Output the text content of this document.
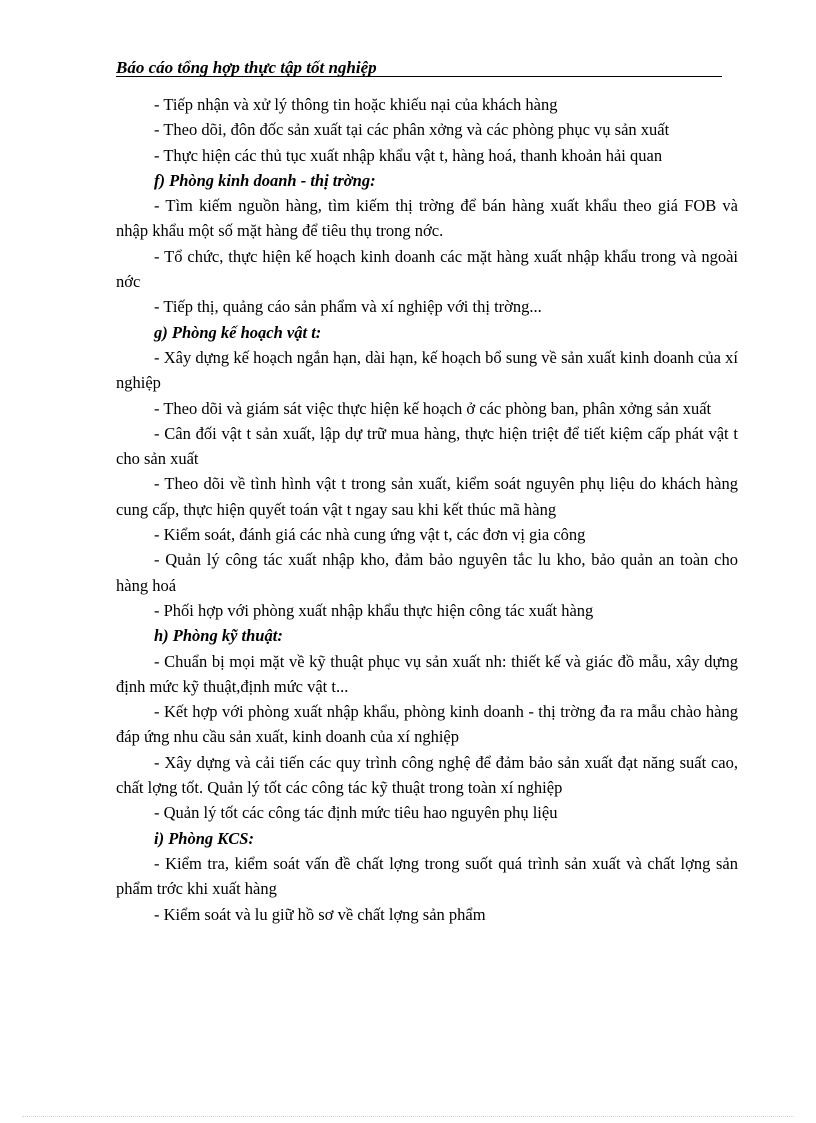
Báo cáo tổng hợp thực tập tốt nghiệp

- Tiếp nhận và xử lý thông tin hoặc khiếu nại của khách hàng

- Theo dõi, đôn đốc sản xuất tại các phân xởng và các phòng phục vụ sản xuất

- Thực hiện các thủ tục xuất nhập khẩu vật t, hàng hoá, thanh khoản hải quan

f) Phòng kinh doanh - thị trờng:

- Tìm kiếm nguồn hàng, tìm kiếm thị trờng để bán hàng xuất khẩu theo giá FOB và nhập khẩu một số mặt hàng để tiêu thụ trong nớc.

- Tổ chức, thực hiện kế hoạch kinh doanh các mặt hàng xuất nhập khẩu trong và ngoài nớc

- Tiếp thị, quảng cáo sản phẩm và xí nghiệp với thị trờng...

g) Phòng kế hoạch vật t:

- Xây dựng kế hoạch ngắn hạn, dài hạn, kế hoạch bổ sung về sản xuất kinh doanh của xí nghiệp

- Theo dõi và giám sát việc thực hiện kế hoạch ở các phòng ban, phân xởng sản xuất

- Cân đối vật t sản xuất, lập dự trữ mua hàng, thực hiện triệt để tiết kiệm cấp phát vật t cho sản xuất

- Theo dõi về tình hình vật t trong sản xuất, kiểm soát nguyên phụ liệu do khách hàng cung cấp, thực hiện quyết toán vật t ngay sau khi kết thúc mã hàng

- Kiểm soát, đánh giá các nhà cung ứng vật t, các đơn vị gia công

- Quản lý công tác xuất nhập kho, đảm bảo nguyên tắc lu kho, bảo quản an toàn cho hàng hoá

- Phối hợp với phòng xuất nhập khẩu thực hiện công tác xuất hàng

h) Phòng kỹ thuật:

- Chuẩn bị mọi mặt về kỹ thuật phục vụ sản xuất nh: thiết kế và giác đồ mẫu, xây dựng định mức kỹ thuật,định mức vật t...

- Kết hợp với phòng xuất nhập khẩu, phòng kinh doanh - thị trờng đa ra mẫu chào hàng đáp ứng nhu cầu sản xuất, kinh doanh của xí nghiệp

- Xây dựng và cải tiến các quy trình công nghệ để đảm bảo sản xuất đạt năng suất cao, chất lợng tốt. Quản lý tốt các công tác kỹ thuật trong toàn xí nghiệp

- Quản lý tốt các công tác định mức tiêu hao nguyên phụ liệu

i) Phòng KCS:

- Kiểm tra, kiểm soát vấn đề chất lợng trong suốt quá trình sản xuất và chất lợng sản phẩm trớc khi xuất hàng

- Kiểm soát và lu giữ hồ sơ về chất lợng sản phẩm
